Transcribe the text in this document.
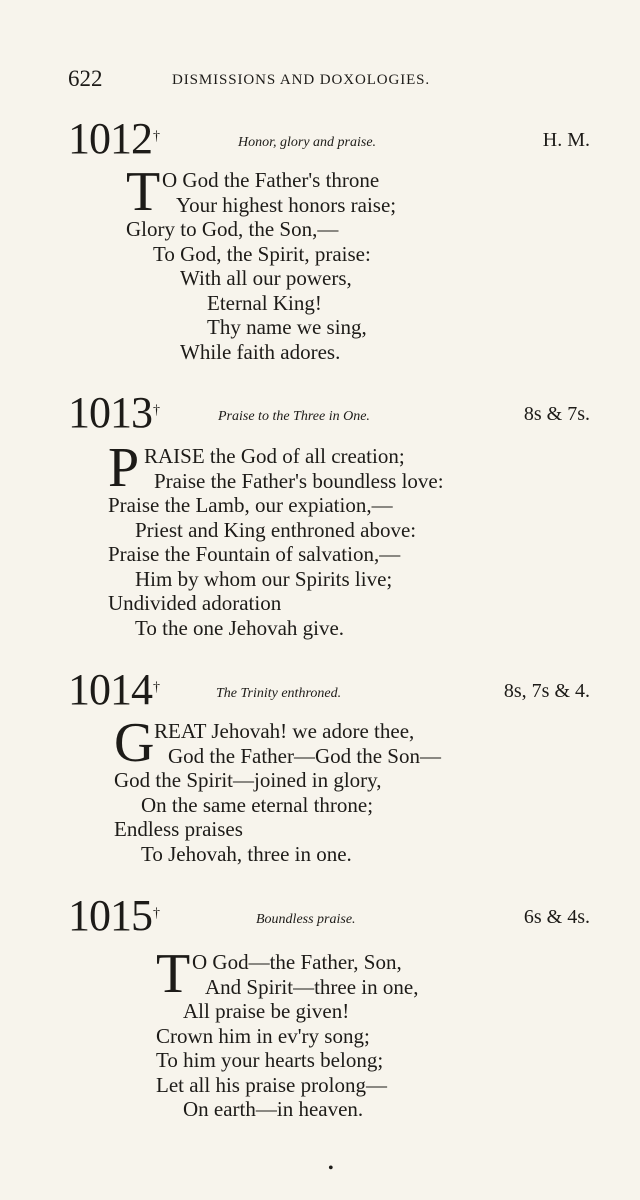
622	DISMISSIONS AND DOXOLOGIES.
1012†	Honor, glory and praise.	H. M.
T O God the Father's throne
Your highest honors raise;
Glory to God, the Son,—
To God, the Spirit, praise:
With all our powers,
Eternal King!
Thy name we sing,
While faith adores.
1013†	Praise to the Three in One.	8s & 7s.
P RAISE the God of all creation;
Praise the Father's boundless love:
Praise the Lamb, our expiation,—
Priest and King enthroned above:
Praise the Fountain of salvation,—
Him by whom our Spirits live;
Undivided adoration
To the one Jehovah give.
1014†	The Trinity enthroned.	8s, 7s & 4.
G REAT Jehovah! we adore thee,
God the Father—God the Son—
God the Spirit—joined in glory,
On the same eternal throne;
Endless praises
To Jehovah, three in one.
1015†	Boundless praise.	6s & 4s.
T O God—the Father, Son,
And Spirit—three in one,
All praise be given!
Crown him in ev'ry song;
To him your hearts belong;
Let all his praise prolong—
On earth—in heaven.
•
